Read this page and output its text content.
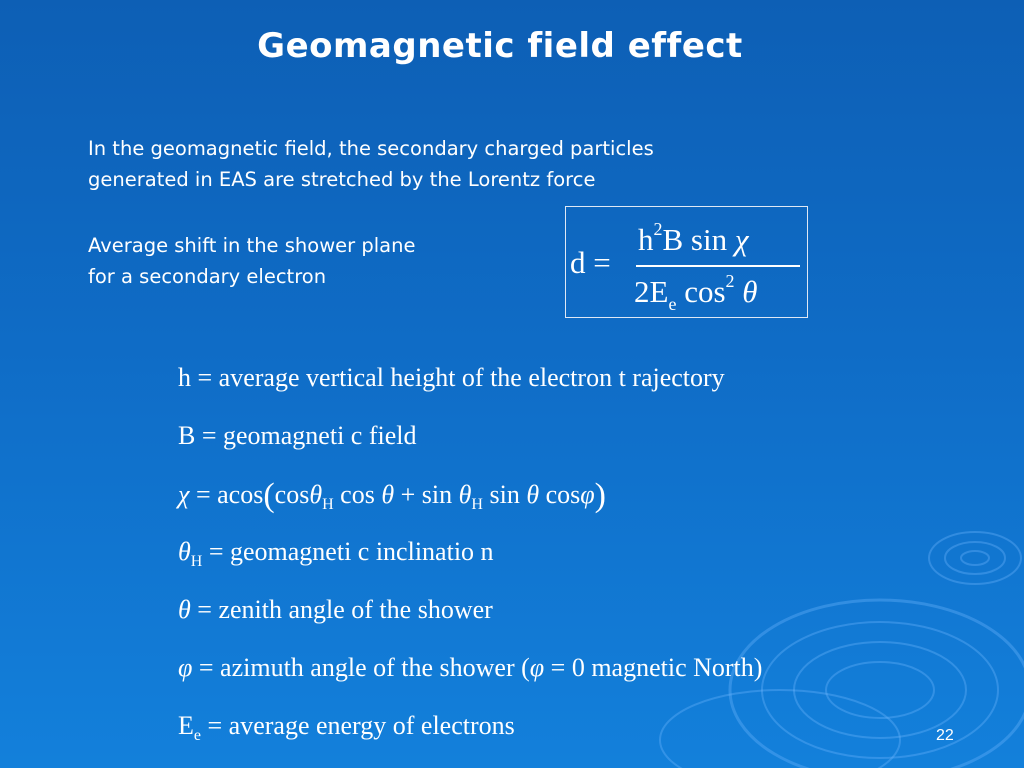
Geomagnetic field effect
In the geomagnetic field, the secondary charged particles
generated in EAS are stretched by the Lorentz force
Average shift in the shower plane
for a secondary electron	d =
$h^2B$ sin χ
$2E_e$ $\cos^2 \theta$
h = average vertical height of the electron t rajectory
B = geomagneti c field
χ = acos(cosθ$_H$ $\cos \theta + \sin \theta_H$ sin θ cosφ)
$\theta_H$ = geomagneti c inclinatio n
θ = zenith angle of the shower
φ = azimuth angle of the shower (φ = 0 magnetic North)
$E_e$ = average energy of electrons	22
